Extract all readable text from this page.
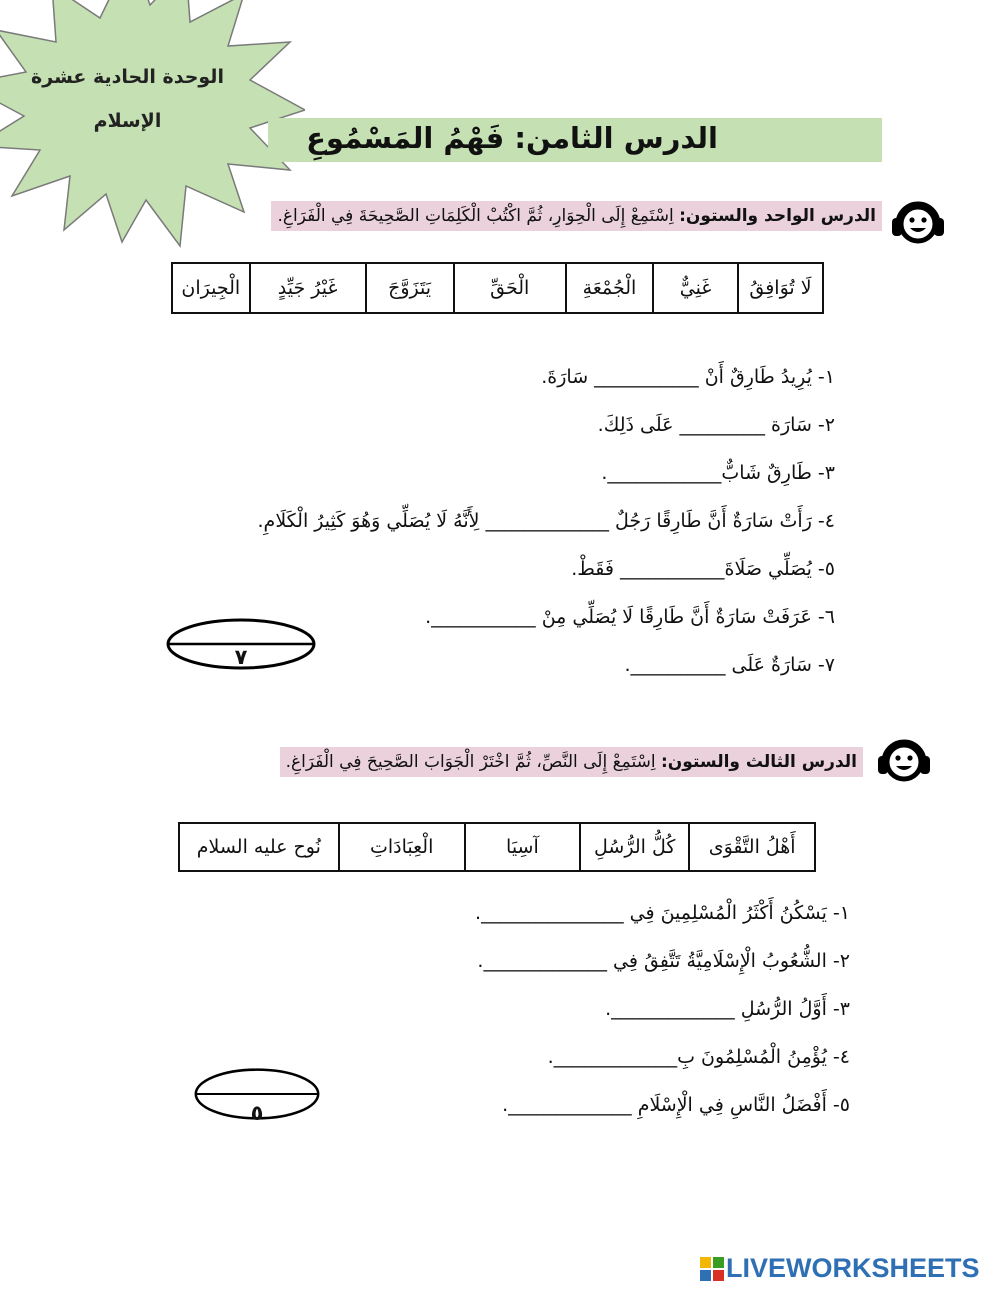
الوحدة الحادية عشرة
الإسلام	الدرس الثامن: فَهْمُ المَسْمُوعِ
الدرس الواحد والستون: اِسْتَمِعْ إِلَى الْحِوَارِ، ثُمَّ اكْتُبْ الْكَلِمَاتِ الصَّحِيحَةَ فِي الْفَرَاغِ.
لَا تُوَافِقُ	غَنِيٌّ	الْجُمْعَةِ	الْحَقِّ	يَتَزَوَّجَ	غَيْرُ جَيِّدٍ	الْجِيرَان
١- يُرِيدُ طَارِقٌ أَنْ ___________ سَارَةَ.
٢- سَارَة _________ عَلَى ذَلِكَ.
٣- طَارِقٌ شَابٌّ____________.
٤- رَأَتْ سَارَةٌ أَنَّ طَارِقًا رَجُلٌ _____________ لِأَنَّهُ لَا يُصَلِّي وَهُوَ كَثِيرُ الْكَلَامِ.
٥- يُصَلِّي صَلَاةَ___________ فَقَطْ.
٦- عَرَفَتْ سَارَةٌ أَنَّ طَارِقًا لَا يُصَلِّي مِنْ ___________.
٧- سَارَةٌ عَلَى __________.
٧
الدرس الثالث والستون: اِسْتَمِعْ إِلَى النَّصِّ، ثُمَّ اخْتَرْ الْجَوَابَ الصَّحِيحَ فِي الْفَرَاغِ.
أَهْلُ التَّقْوَى	كُلُّ الرُّسُلِ	آسِيَا	الْعِبَادَاتِ	نُوح عليه السلام
١- يَسْكُنُ أَكْثَرُ الْمُسْلِمِينَ فِي _______________.
٢- الشُّعُوبُ الْإِسْلَامِيَّةُ تَتَّفِقُ فِي _____________.
٣- أَوَّلُ الرُّسُلِ _____________.
٤- يُؤْمِنُ الْمُسْلِمُونَ بِ_____________.
٥- أَفْضَلُ النَّاسِ فِي الْإِسْلَامِ _____________.
٥
LIVEWORKSHEETS
